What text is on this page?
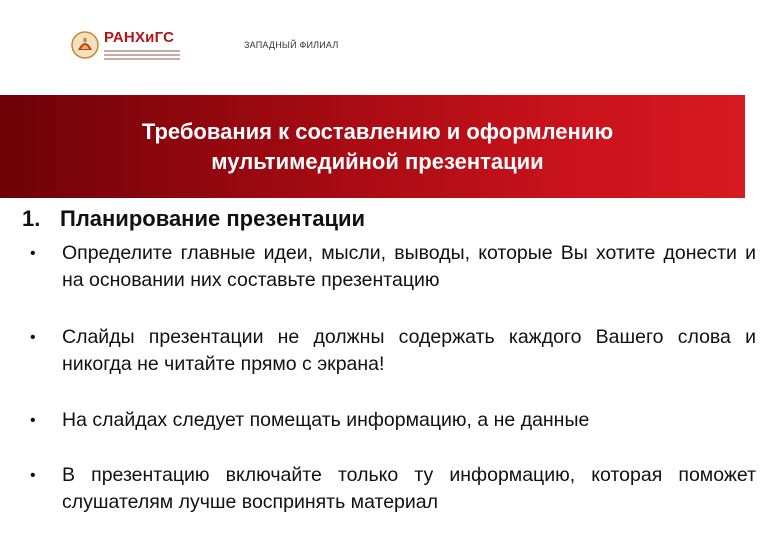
РАНХиГС	ЗАПАДНЫЙ ФИЛИАЛ
Требования к составлению и оформлению мультимедийной презентации
1. Планирование презентации
•	Определите главные идеи, мысли, выводы, которые Вы хотите донести и на основании них составьте презентацию
•	Слайды презентации не должны содержать каждого Вашего слова и никогда не читайте прямо с экрана!
•	На слайдах следует помещать информацию, а не данные
•	В презентацию включайте только ту информацию, которая поможет слушателям лучше воспринять материал
